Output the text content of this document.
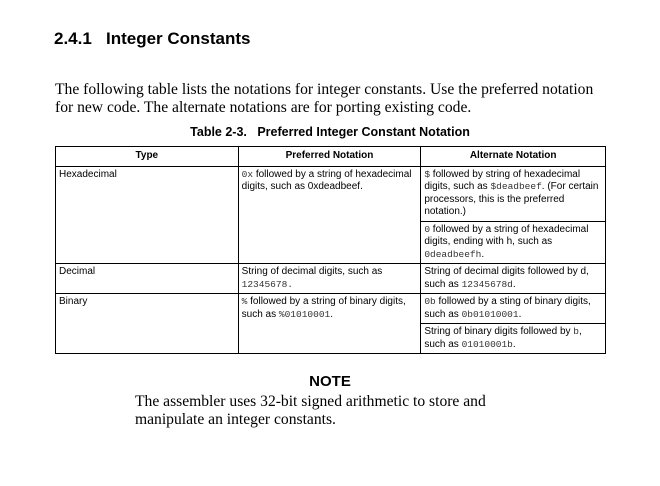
2.4.1 Integer Constants
The following table lists the notations for integer constants. Use the preferred notation for new code. The alternate notations are for porting existing code.
Table 2-3. Preferred Integer Constant Notation
Type	Preferred Notation	Alternate Notation
Hexadecimal	0x followed by a string of hexadecimal digits, such as 0xdeadbeef.	$ followed by string of hexadecimal digits, such as $deadbeef. (For certain processors, this is the preferred notation.)
		0 followed by a string of hexadecimal digits, ending with h, such as 0deadbeefh.
Decimal	String of decimal digits, such as 12345678.	String of decimal digits followed by d, such as 12345678d.
Binary	% followed by a string of binary digits, such as %01010001.	0b followed by a sting of binary digits, such as 0b01010001.
		String of binary digits followed by b, such as 01010001b.
NOTE
The assembler uses 32-bit signed arithmetic to store and manipulate an integer constants.
